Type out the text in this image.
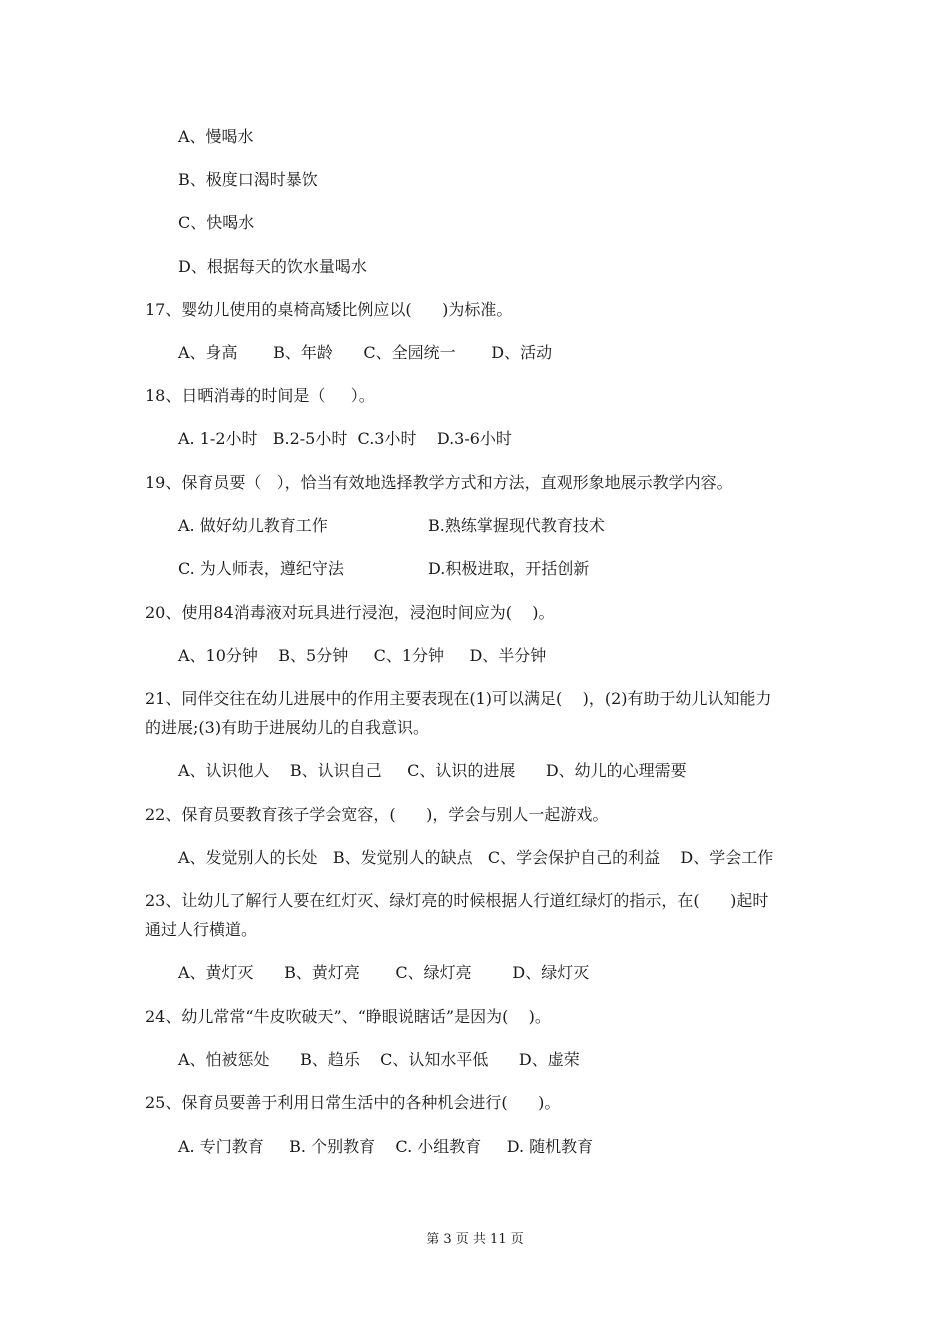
A、慢喝水
B、极度口渴时暴饮
C、快喝水
D、根据每天的饮水量喝水
17、婴幼儿使用的桌椅高矮比例应以(      )为标准。
A、身高       B、年龄      C、全园统一       D、活动
18、日晒消毒的时间是（     ）。
A. 1-2小时   B.2-5小时  C.3小时    D.3-6小时
19、保育员要（   ），恰当有效地选择教学方式和方法，直观形象地展示教学内容。
A. 做好幼儿教育工作	B.熟练掌握现代教育技术
C. 为人师表，遵纪守法	D.积极进取，开括创新
20、使用84消毒液对玩具进行浸泡，浸泡时间应为(    )。
A、10分钟    B、5分钟     C、1分钟     D、半分钟
21、同伴交往在幼儿进展中的作用主要表现在(1)可以满足(    )，(2)有助于幼儿认知能力
的进展;(3)有助于进展幼儿的自我意识。
A、认识他人    B、认识自己     C、认识的进展      D、幼儿的心理需要
22、保育员要教育孩子学会宽容，(      )，学会与别人一起游戏。
A、发觉别人的长处   B、发觉别人的缺点   C、学会保护自己的利益    D、学会工作
23、让幼儿了解行人要在红灯灭、绿灯亮的时候根据人行道红绿灯的指示，在(      )起时
通过人行横道。
A、黄灯灭      B、黄灯亮       C、绿灯亮        D、绿灯灭
24、幼儿常常“牛皮吹破天”、“睁眼说瞎话”是因为(    )。
A、怕被惩处      B、趋乐    C、认知水平低      D、虚荣
25、保育员要善于利用日常生活中的各种机会进行(      )。
A. 专门教育     B. 个别教育    C. 小组教育     D. 随机教育
第 3 页 共 11 页
